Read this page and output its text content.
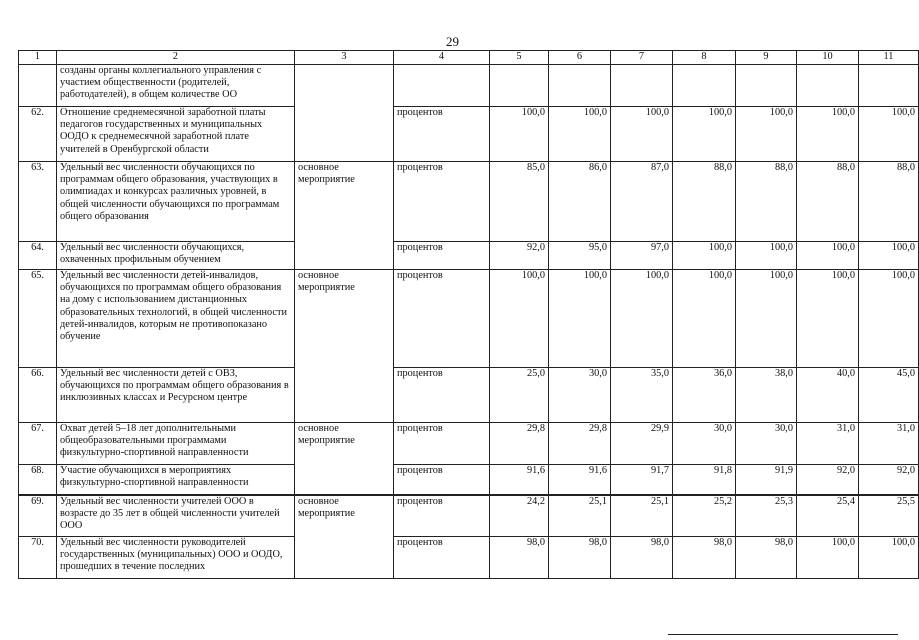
29
1	2	3	4	5	6	7	8	9	10	11
	созданы органы коллегиального управления с участием общественности (родителей, работодателей), в общем количестве ОО									
62.	Отношение среднемесячной заработной платы педагогов государственных и муниципальных ООДО к среднемесячной заработной плате учителей в Оренбургской области		процентов	100,0	100,0	100,0	100,0	100,0	100,0	100,0
63.	Удельный вес численности обучающихся по программам общего образования, участвующих в олимпиадах и конкурсах различных уровней, в общей численности обучающихся по программам общего образования	основное мероприятие	процентов	85,0	86,0	87,0	88,0	88,0	88,0	88,0
64.	Удельный вес численности обучающихся, охваченных профильным обучением		процентов	92,0	95,0	97,0	100,0	100,0	100,0	100,0
65.	Удельный вес численности детей-инвалидов, обучающихся по программам общего образования на дому с использованием дистанционных образовательных технологий, в общей численности детей-инвалидов, которым не противопоказано обучение	основное мероприятие	процентов	100,0	100,0	100,0	100,0	100,0	100,0	100,0
66.	Удельный вес численности детей с ОВЗ, обучающихся по программам общего образования в инклюзивных классах и Ресурсном центре		процентов	25,0	30,0	35,0	36,0	38,0	40,0	45,0
67.	Охват детей 5–18 лет дополнительными общеобразовательными программами физкультурно-спортивной направленности	основное мероприятие	процентов	29,8	29,8	29,9	30,0	30,0	31,0	31,0
68.	Участие обучающихся в мероприятиях физкультурно-спортивной направленности		процентов	91,6	91,6	91,7	91,8	91,9	92,0	92,0
69.	Удельный вес численности учителей ООО в возрасте до 35 лет в общей численности учителей ООО	основное мероприятие	процентов	24,2	25,1	25,1	25,2	25,3	25,4	25,5
70.	Удельный вес численности руководителей государственных (муниципальных) ООО и ООДО, прошедших в течение последних		процентов	98,0	98,0	98,0	98,0	98,0	100,0	100,0
